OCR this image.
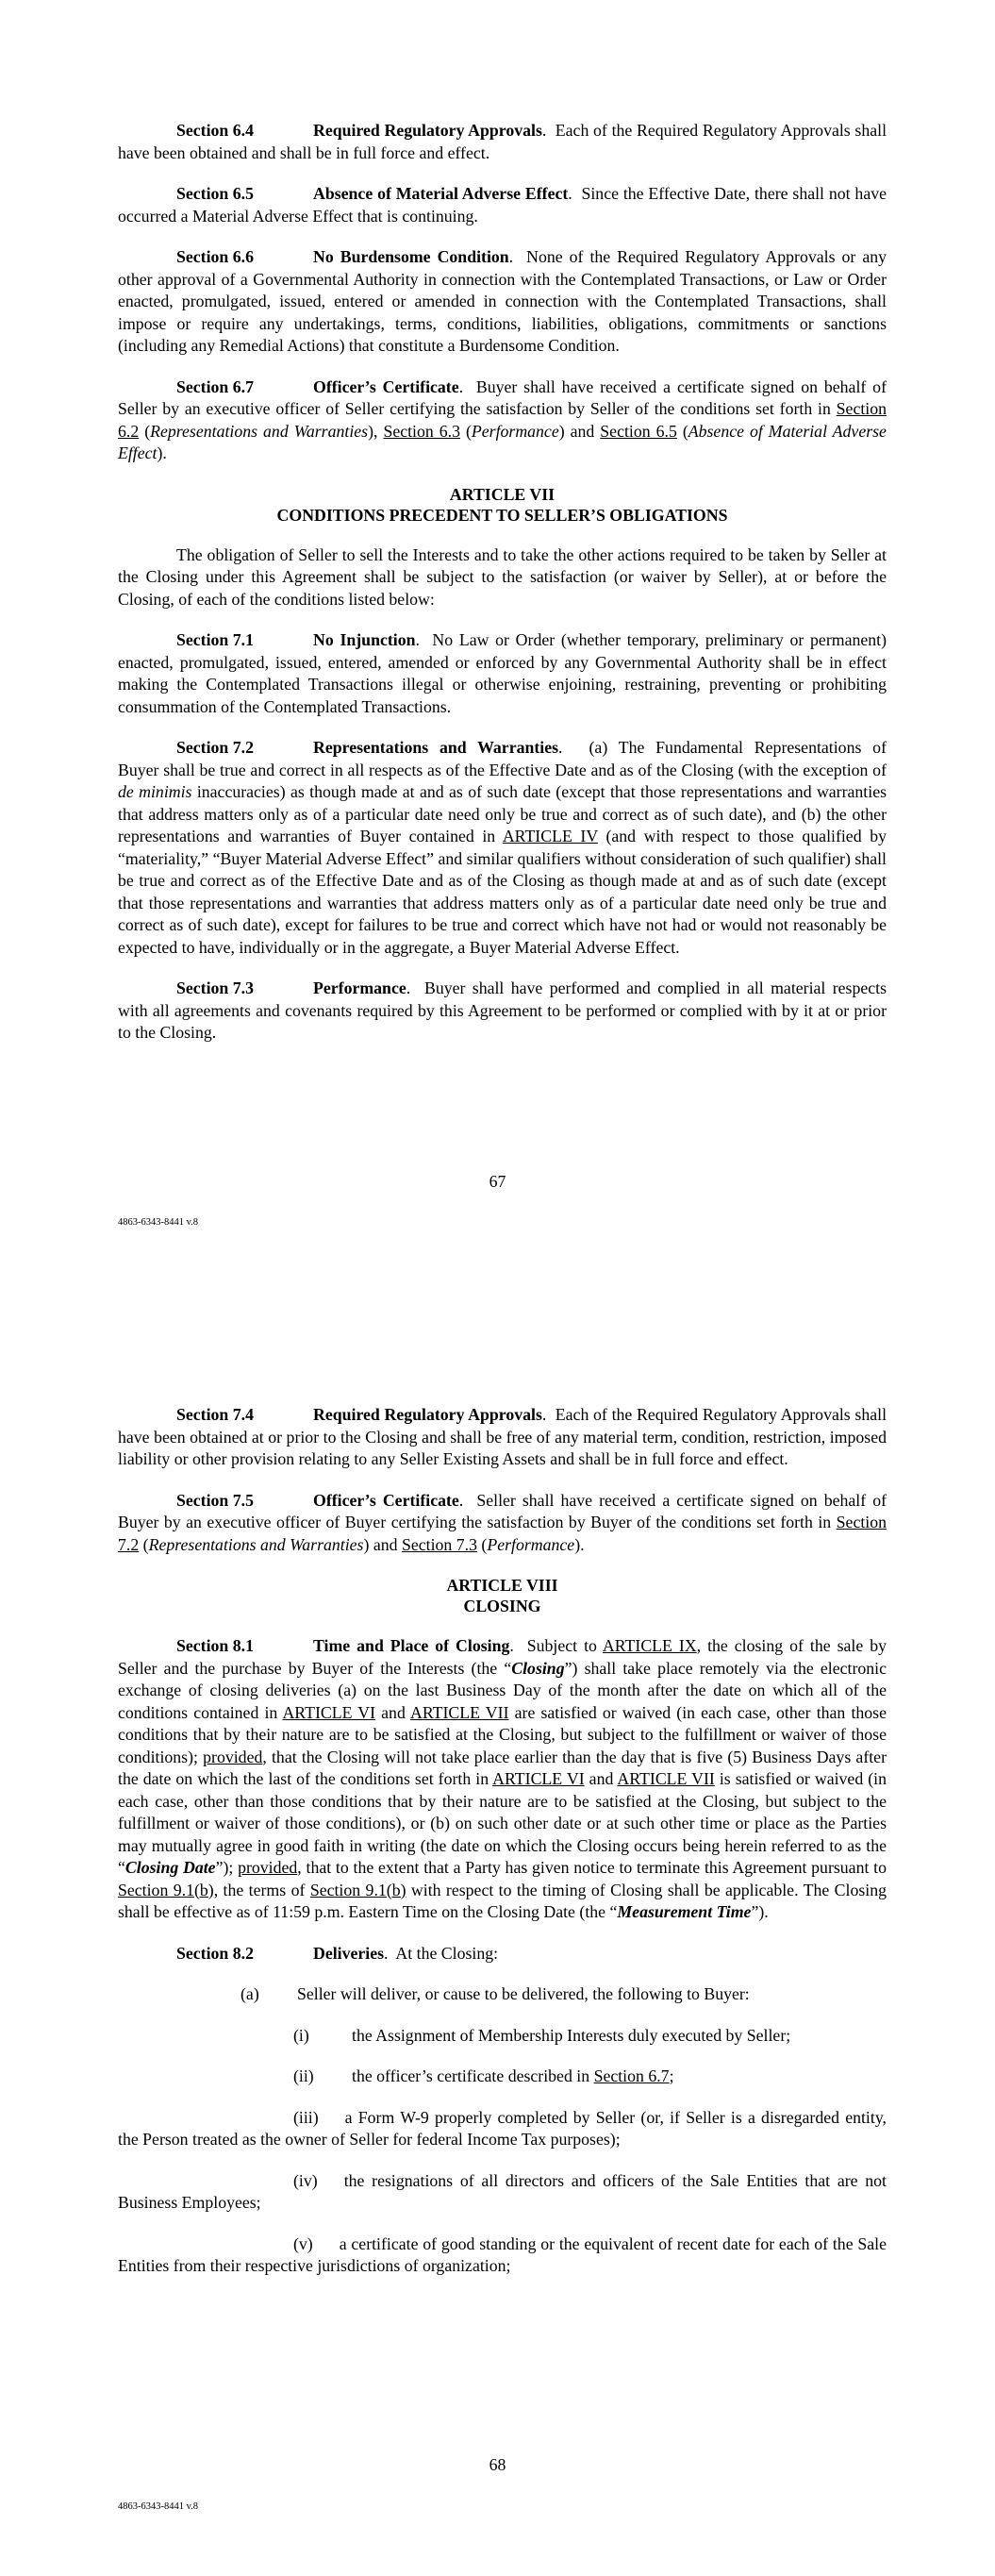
Section 6.4	Required Regulatory Approvals.  Each of the Required Regulatory Approvals shall have been obtained and shall be in full force and effect.

Section 6.5	Absence of Material Adverse Effect.  Since the Effective Date, there shall not have occurred a Material Adverse Effect that is continuing.

Section 6.6	No Burdensome Condition.  None of the Required Regulatory Approvals or any other approval of a Governmental Authority in connection with the Contemplated Transactions, or Law or Order enacted, promulgated, issued, entered or amended in connection with the Contemplated Transactions, shall impose or require any undertakings, terms, conditions, liabilities, obligations, commitments or sanctions (including any Remedial Actions) that constitute a Burdensome Condition.

Section 6.7	Officer’s Certificate.  Buyer shall have received a certificate signed on behalf of Seller by an executive officer of Seller certifying the satisfaction by Seller of the conditions set forth in Section 6.2 (Representations and Warranties), Section 6.3 (Performance) and Section 6.5 (Absence of Material Adverse Effect).

ARTICLE VII
CONDITIONS PRECEDENT TO SELLER’S OBLIGATIONS

The obligation of Seller to sell the Interests and to take the other actions required to be taken by Seller at the Closing under this Agreement shall be subject to the satisfaction (or waiver by Seller), at or before the Closing, of each of the conditions listed below:

Section 7.1	No Injunction.  No Law or Order (whether temporary, preliminary or permanent) enacted, promulgated, issued, entered, amended or enforced by any Governmental Authority shall be in effect making the Contemplated Transactions illegal or otherwise enjoining, restraining, preventing or prohibiting consummation of the Contemplated Transactions.

Section 7.2	Representations and Warranties. (a) The Fundamental Representations of Buyer shall be true and correct in all respects as of the Effective Date and as of the Closing (with the exception of de minimis inaccuracies) as though made at and as of such date (except that those representations and warranties that address matters only as of a particular date need only be true and correct as of such date), and (b) the other representations and warranties of Buyer contained in ARTICLE IV (and with respect to those qualified by “materiality,” “Buyer Material Adverse Effect” and similar qualifiers without consideration of such qualifier) shall be true and correct as of the Effective Date and as of the Closing as though made at and as of such date (except that those representations and warranties that address matters only as of a particular date need only be true and correct as of such date), except for failures to be true and correct which have not had or would not reasonably be expected to have, individually or in the aggregate, a Buyer Material Adverse Effect.

Section 7.3	Performance.  Buyer shall have performed and complied in all material respects with all agreements and covenants required by this Agreement to be performed or complied with by it at or prior to the Closing.

67
4863-6343-8441 v.8

Section 7.4	Required Regulatory Approvals.  Each of the Required Regulatory Approvals shall have been obtained at or prior to the Closing and shall be free of any material term, condition, restriction, imposed liability or other provision relating to any Seller Existing Assets and shall be in full force and effect.

Section 7.5	Officer’s Certificate.  Seller shall have received a certificate signed on behalf of Buyer by an executive officer of Buyer certifying the satisfaction by Buyer of the conditions set forth in Section 7.2 (Representations and Warranties) and Section 7.3 (Performance).

ARTICLE VIII
CLOSING

Section 8.1	Time and Place of Closing.  Subject to ARTICLE IX, the closing of the sale by Seller and the purchase by Buyer of the Interests (the “Closing”) shall take place remotely via the electronic exchange of closing deliveries (a) on the last Business Day of the month after the date on which all of the conditions contained in ARTICLE VI and ARTICLE VII are satisfied or waived (in each case, other than those conditions that by their nature are to be satisfied at the Closing, but subject to the fulfillment or waiver of those conditions); provided, that the Closing will not take place earlier than the day that is five (5) Business Days after the date on which the last of the conditions set forth in ARTICLE VI and ARTICLE VII is satisfied or waived (in each case, other than those conditions that by their nature are to be satisfied at the Closing, but subject to the fulfillment or waiver of those conditions), or (b) on such other date or at such other time or place as the Parties may mutually agree in good faith in writing (the date on which the Closing occurs being herein referred to as the “Closing Date”); provided, that to the extent that a Party has given notice to terminate this Agreement pursuant to Section 9.1(b), the terms of Section 9.1(b) with respect to the timing of Closing shall be applicable. The Closing shall be effective as of 11:59 p.m. Eastern Time on the Closing Date (the “Measurement Time”).

Section 8.2	Deliveries.  At the Closing:

(a) Seller will deliver, or cause to be delivered, the following to Buyer:

(i)	the Assignment of Membership Interests duly executed by Seller;

(ii) the officer’s certificate described in Section 6.7;

(iii) a Form W-9 properly completed by Seller (or, if Seller is a disregarded entity, the Person treated as the owner of Seller for federal Income Tax purposes);

(iv) the resignations of all directors and officers of the Sale Entities that are not Business Employees;

(v) a certificate of good standing or the equivalent of recent date for each of the Sale Entities from their respective jurisdictions of organization;

68
4863-6343-8441 v.8
